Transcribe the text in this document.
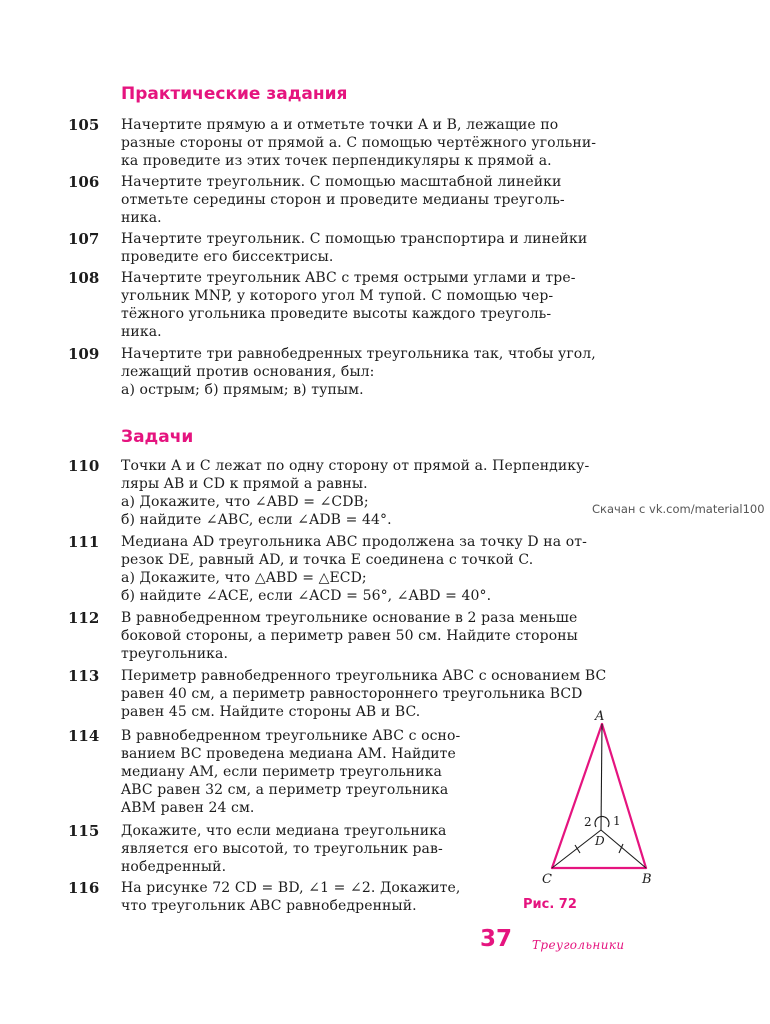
Практические задания
105 Начертите прямую a и отметьте точки A и B, лежащие по

разные стороны от прямой a. С помощью чертёжного угольни-

ка проведите из этих точек перпендикуляры к прямой a.

106 Начертите треугольник. С помощью масштабной линейки

отметьте середины сторон и проведите медианы треуголь-

ника.

107 Начертите треугольник. С помощью транспортира и линейки

проведите его биссектрисы.

108 Начертите треугольник ABC с тремя острыми углами и тре-

угольник MNP, у которого угол M тупой. С помощью чер-

тёжного угольника проведите высоты каждого треуголь-

ника.

109 Начертите три равнобедренных треугольника так, чтобы угол,

лежащий против основания, был:

а) острым; б) прямым; в) тупым.

Задачи
110 Точки A и C лежат по одну сторону от прямой a. Перпендику-

ляры AB и CD к прямой a равны.

а) Докажите, что ∠ABD = ∠CDB;

б) найдите ∠ABC, если ∠ADB = 44°.

Скачан с vk.com/material100
111 Медиана AD треугольника ABC продолжена за точку D на от-

резок DE, равный AD, и точка E соединена с точкой C.

а) Докажите, что △ABD = △ECD;

б) найдите ∠ACE, если ∠ACD = 56°, ∠ABD = 40°.

112 В равнобедренном треугольнике основание в 2 раза меньше

боковой стороны, а периметр равен 50 см. Найдите стороны

треугольника.

113 Периметр равнобедренного треугольника ABC с основанием BC

равен 40 см, а периметр равностороннего треугольника BCD

равен 45 см. Найдите стороны AB и BC.

114 В равнобедренном треугольнике ABC с осно-

ванием BC проведена медиана AM. Найдите

медиану AM, если периметр треугольника

ABC равен 32 см, а периметр треугольника

ABM равен 24 см.

115 Докажите, что если медиана треугольника

является его высотой, то треугольник рав-

нобедренный.

116 На рисунке 72 CD = BD, ∠1 = ∠2. Докажите,

что треугольник ABC равнобедренный.

A
C	B
D
2 1
Рис. 72
37 Треугольники
